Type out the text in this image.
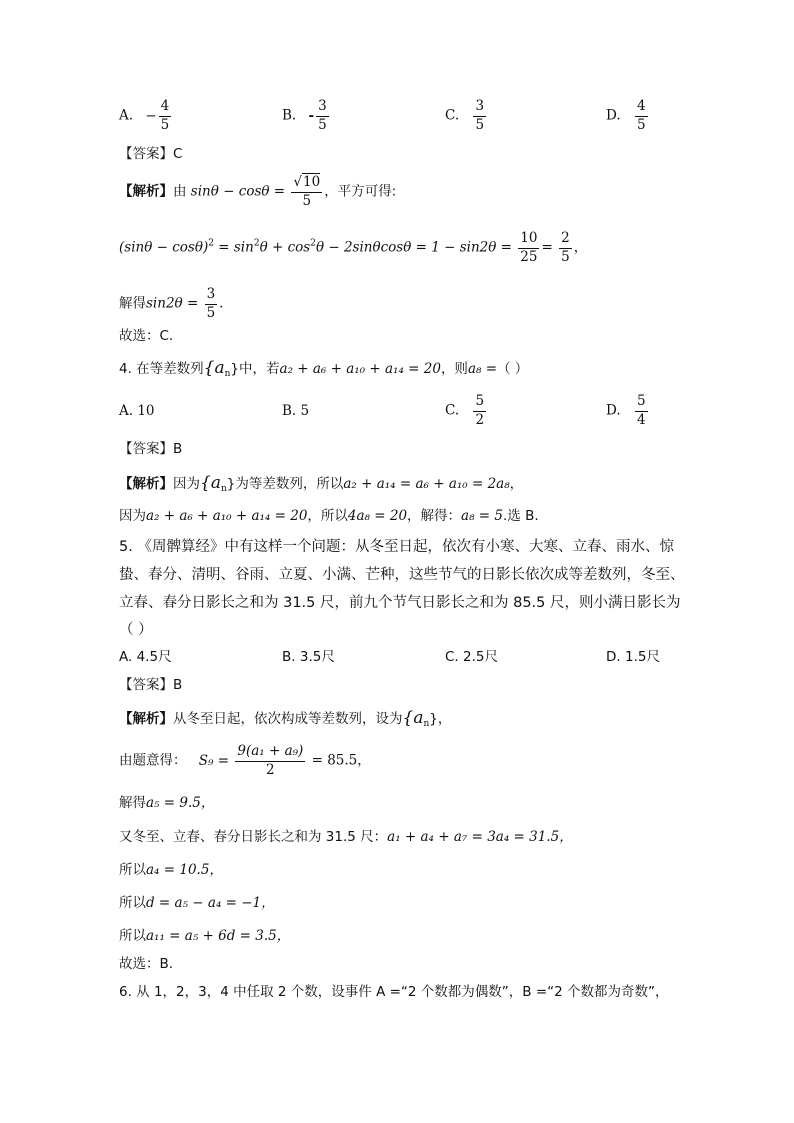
A. − $\frac{4}{5}$	B. - $\frac{3}{5}$	C. $\frac{3}{5}$	D. $\frac{4}{5}$
【答案】C
【解析】由 $\sin\theta - \cos\theta = \frac{√10}{5}$ ，平方可得:
$(\sin\theta - \cos\theta)^2 = \sin^2\theta + \cos^2\theta - 2\sin\theta\cos\theta = 1 - \sin 2\theta = \frac{10}{25} = \frac{2}{5}$ ，
解得$\sin 2\theta = \frac{3}{5}$ .
故选：C.
4. 在等差数列$\{a_n\}$中，若a₂ + a₆ + a₁₀ + a₁₄ = 20，则a₈ =（ ）
A. 10	B. 5	C. $\frac{5}{2}$	D. $\frac{5}{4}$
【答案】B
【解析】因为$\{a_n\}$为等差数列，所以a₂ + a₁₄ = a₆ + a₁₀ = 2a₈，
因为a₂ + a₆ + a₁₀ + a₁₄ = 20，所以4a₈ = 20，解得：a₈ = 5.选 B.
5. 《周髀算经》中有这样一个问题：从冬至日起，依次有小寒、大寒、立春、雨水、惊
蛰、春分、清明、谷雨、立夏、小满、芒种，这些节气的日影长依次成等差数列，冬至、
立春、春分日影长之和为 31.5 尺，前九个节气日影长之和为 85.5 尺，则小满日影长为
（ ）
A. 4.5尺	B. 3.5尺	C. 2.5尺	D. 1.5尺
【答案】B
【解析】从冬至日起，依次构成等差数列，设为$\{a_n\}$，
由题意得： $S_9 = \frac{\text{9(a₁ + a₉)}}{2} = 85.5$，
解得a₅ = 9.5，
又冬至、立春、春分日影长之和为 31.5 尺：a₁ + a₄ + a₇ = 3a₄ = 31.5，
所以a₄ = 10.5，
所以d = a₅ − a₄ = −1，
所以a₁₁ = a₅ + 6d = 3.5，
故选：B.
6. 从 1，2，3，4 中任取 2 个数，设事件 A =“2 个数都为偶数”，B =“2 个数都为奇数”，
